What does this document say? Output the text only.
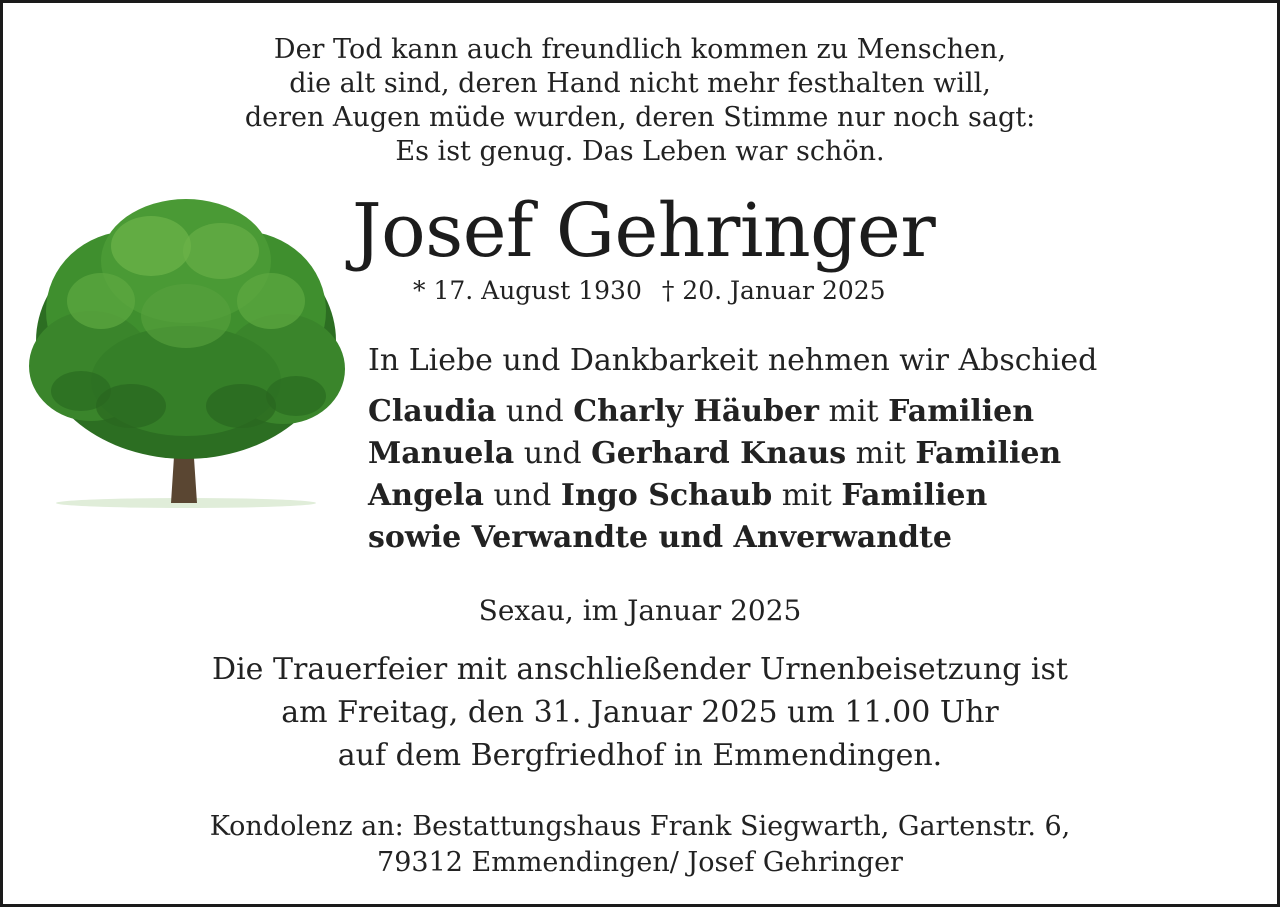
Der Tod kann auch freundlich kommen zu Menschen,
die alt sind, deren Hand nicht mehr festhalten will,
deren Augen müde wurden, deren Stimme nur noch sagt:
Es ist genug. Das Leben war schön.
Josef Gehringer
* 17. August 1930 † 20. Januar 2025
In Liebe und Dankbarkeit nehmen wir Abschied
Claudia und Charly Häuber mit Familien
Manuela und Gerhard Knaus mit Familien
Angela und Ingo Schaub mit Familien
sowie Verwandte und Anverwandte
Sexau, im Januar 2025
Die Trauerfeier mit anschließender Urnenbeisetzung ist
am Freitag, den 31. Januar 2025 um 11.00 Uhr
auf dem Bergfriedhof in Emmendingen.
Kondolenz an: Bestattungshaus Frank Siegwarth, Gartenstr. 6,
79312 Emmendingen/ Josef Gehringer
